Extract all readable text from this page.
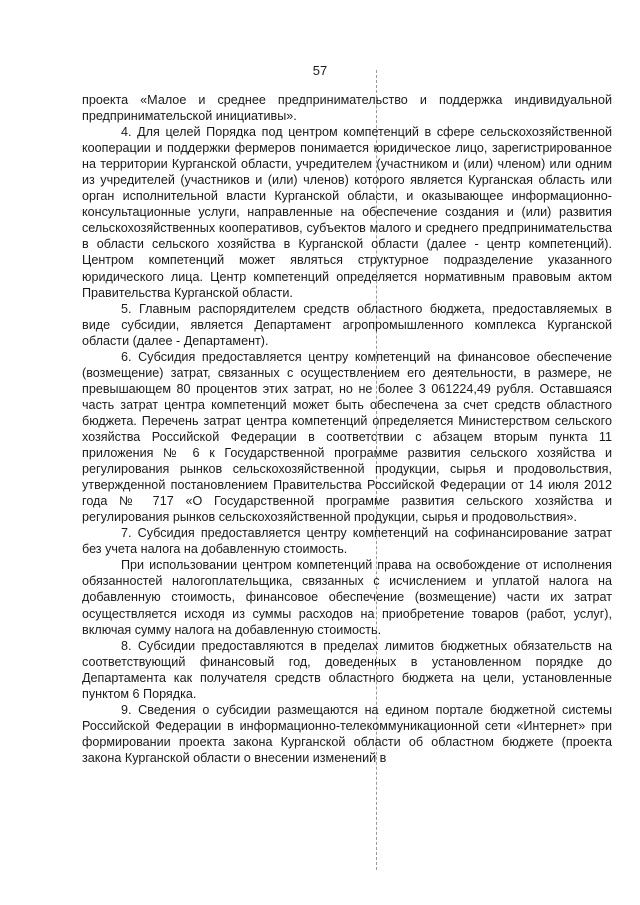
57

проекта «Малое и среднее предпринимательство и поддержка индивидуальной предпринимательской инициативы».

4. Для целей Порядка под центром компетенций в сфере сельскохозяйственной кооперации и поддержки фермеров понимается юридическое лицо, зарегистрированное на территории Курганской области, учредителем (участником и (или) членом) или одним из учредителей (участников и (или) членов) которого является Курганская область или орган исполнительной власти Курганской области, и оказывающее информационно-консультационные услуги, направленные на обеспечение создания и (или) развития сельскохозяйственных кооперативов, субъектов малого и среднего предпринимательства в области сельского хозяйства в Курганской области (далее - центр компетенций). Центром компетенций может являться структурное подразделение указанного юридического лица. Центр компетенций определяется нормативным правовым актом Правительства Курганской области.

5. Главным распорядителем средств областного бюджета, предоставляемых в виде субсидии, является Департамент агропромышленного комплекса Курганской области (далее - Департамент).

6. Субсидия предоставляется центру компетенций на финансовое обеспечение (возмещение) затрат, связанных с осуществлением его деятельности, в размере, не превышающем 80 процентов этих затрат, но не более 3 061224,49 рубля. Оставшаяся часть затрат центра компетенций может быть обеспечена за счет средств областного бюджета. Перечень затрат центра компетенций определяется Министерством сельского хозяйства Российской Федерации в соответствии с абзацем вторым пункта 11 приложения № 6 к Государственной программе развития сельского хозяйства и регулирования рынков сельскохозяйственной продукции, сырья и продовольствия, утвержденной постановлением Правительства Российской Федерации от 14 июля 2012 года № 717 «О Государственной программе развития сельского хозяйства и регулирования рынков сельскохозяйственной продукции, сырья и продовольствия».

7. Субсидия предоставляется центру компетенций на софинансирование затрат без учета налога на добавленную стоимость.

При использовании центром компетенций права на освобождение от исполнения обязанностей налогоплательщика, связанных с исчислением и уплатой налога на добавленную стоимость, финансовое обеспечение (возмещение) части их затрат осуществляется исходя из суммы расходов на приобретение товаров (работ, услуг), включая сумму налога на добавленную стоимость.

8. Субсидии предоставляются в пределах лимитов бюджетных обязательств на соответствующий финансовый год, доведенных в установленном порядке до Департамента как получателя средств областного бюджета на цели, установленные пунктом 6 Порядка.

9. Сведения о субсидии размещаются на едином портале бюджетной системы Российской Федерации в информационно-телекоммуникационной сети «Интернет» при формировании проекта закона Курганской области об областном бюджете (проекта закона Курганской области о внесении изменений в
